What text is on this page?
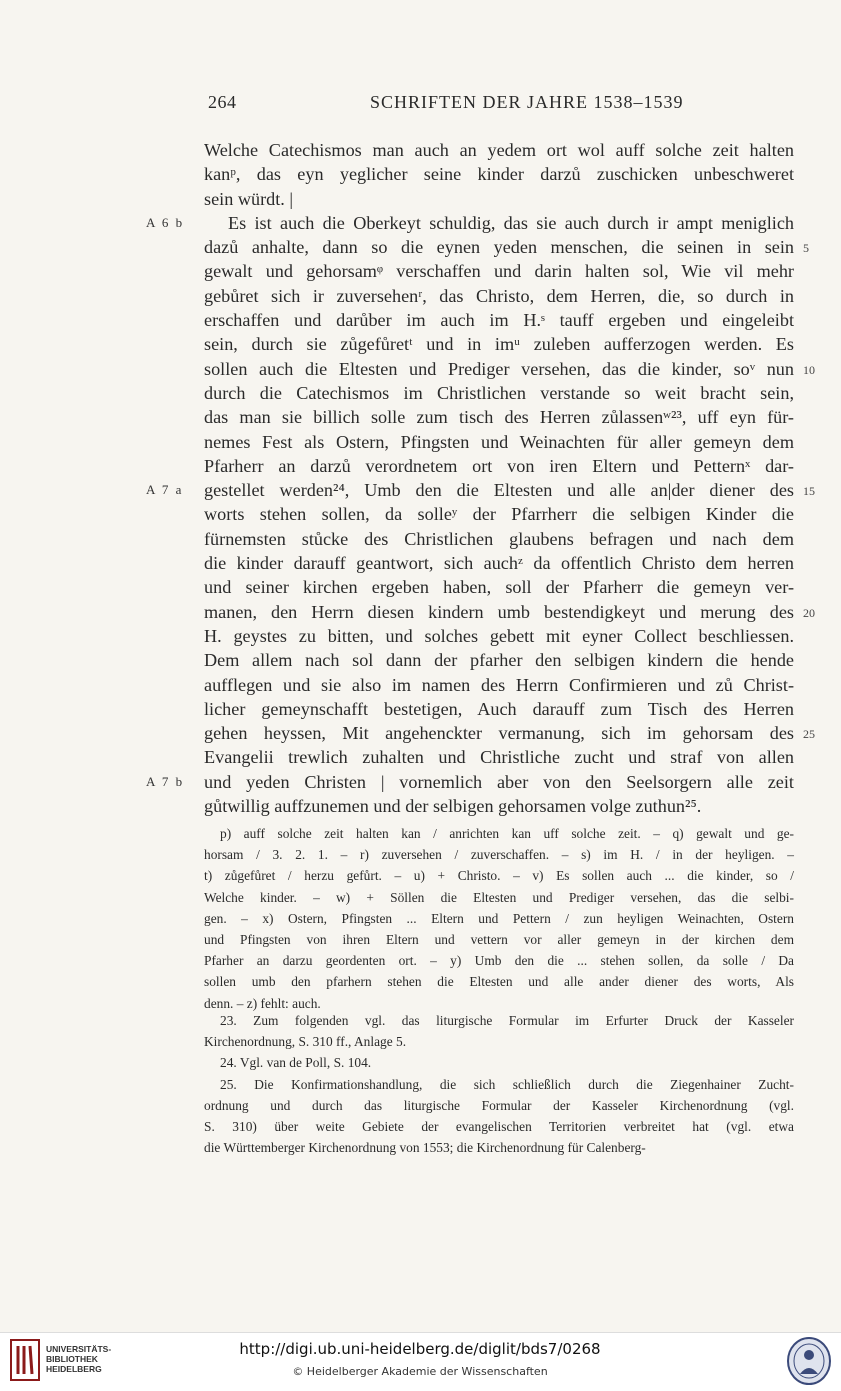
264	SCHRIFTEN DER JAHRE 1538–1539
Welche Catechismos man auch an yedem ort wol auff solche zeit halten
kanᵖ, das eyn yeglicher seine kinder darzů zuschicken unbeschweret
sein würdt. |
Es ist auch die Oberkeyt schuldig, das sie auch durch ir ampt meniglich
dazů anhalte, dann so die eynen yeden menschen, die seinen in sein
gewalt und gehorsamᵠ verschaffen und darin halten sol, Wie vil mehr
gebůret sich ir zuversehenʳ, das Christo, dem Herren, die, so durch in
erschaffen und darůber im auch im H.ˢ tauff ergeben und eingeleibt
sein, durch sie zůgefůretᵗ und in imᵘ zuleben aufferzogen werden. Es
sollen auch die Eltesten und Prediger versehen, das die kinder, soᵛ nun
durch die Catechismos im Christlichen verstande so weit bracht sein,
das man sie billich solle zum tisch des Herren zůlassenʷ²³, uff eyn für-
nemes Fest als Ostern, Pfingsten und Weinachten für aller gemeyn dem
Pfarherr an darzů verordnetem ort von iren Eltern und Petternˣ dar-
gestellet werden²⁴, Umb den die Eltesten und alle an|der diener des
worts stehen sollen, da solleʸ der Pfarrherr die selbigen Kinder die
fürnemsten stůcke des Christlichen glaubens befragen und nach dem
die kinder darauff geantwort, sich auchᶻ da offentlich Christo dem herren
und seiner kirchen ergeben haben, soll der Pfarherr die gemeyn ver-
manen, den Herrn diesen kindern umb bestendigkeyt und merung des
H. geystes zu bitten, und solches gebett mit eyner Collect beschliessen.
Dem allem nach sol dann der pfarher den selbigen kindern die hende
aufflegen und sie also im namen des Herrn Confirmieren und zů Christ-
licher gemeynschafft bestetigen, Auch darauff zum Tisch des Herren
gehen heyssen, Mit angehenckter vermanung, sich im gehorsam des
Evangelii trewlich zuhalten und Christliche zucht und straf von allen
und yeden Christen | vornemlich aber von den Seelsorgern alle zeit
gůtwillig auffzunemen und der selbigen gehorsamen volge zuthun²⁵.
A 6 b
A 7 a
A 7 b
5
10
15
20
25
p) auff solche zeit halten kan / anrichten kan uff solche zeit. – q) gewalt und ge-
horsam / 3. 2. 1. – r) zuversehen / zuverschaffen. – s) im H. / in der heyligen. –
t) zůgefůret / herzu gefůrt. – u) + Christo. – v) Es sollen auch ... die kinder, so /
Welche kinder. – w) + Söllen die Eltesten und Prediger versehen, das die selbi-
gen. – x) Ostern, Pfingsten ... Eltern und Pettern / zun heyligen Weinachten, Ostern
und Pfingsten von ihren Eltern und vettern vor aller gemeyn in der kirchen dem
Pfarher an darzu geordenten ort. – y) Umb den die ... stehen sollen, da solle / Da
sollen umb den pfarhern stehen die Eltesten und alle ander diener des worts, Als
denn. – z) fehlt: auch.
23. Zum folgenden vgl. das liturgische Formular im Erfurter Druck der Kasseler
Kirchenordnung, S. 310 ff., Anlage 5.
24. Vgl. van de Poll, S. 104.
25. Die Konfirmationshandlung, die sich schließlich durch die Ziegenhainer Zucht-
ordnung und durch das liturgische Formular der Kasseler Kirchenordnung (vgl.
S. 310) über weite Gebiete der evangelischen Territorien verbreitet hat (vgl. etwa
die Württemberger Kirchenordnung von 1553; die Kirchenordnung für Calenberg-
UNIVERSITÄTS-
BIBLIOTHEK
HEIDELBERG
http://digi.ub.uni-heidelberg.de/diglit/bds7/0268
© Heidelberger Akademie der Wissenschaften
